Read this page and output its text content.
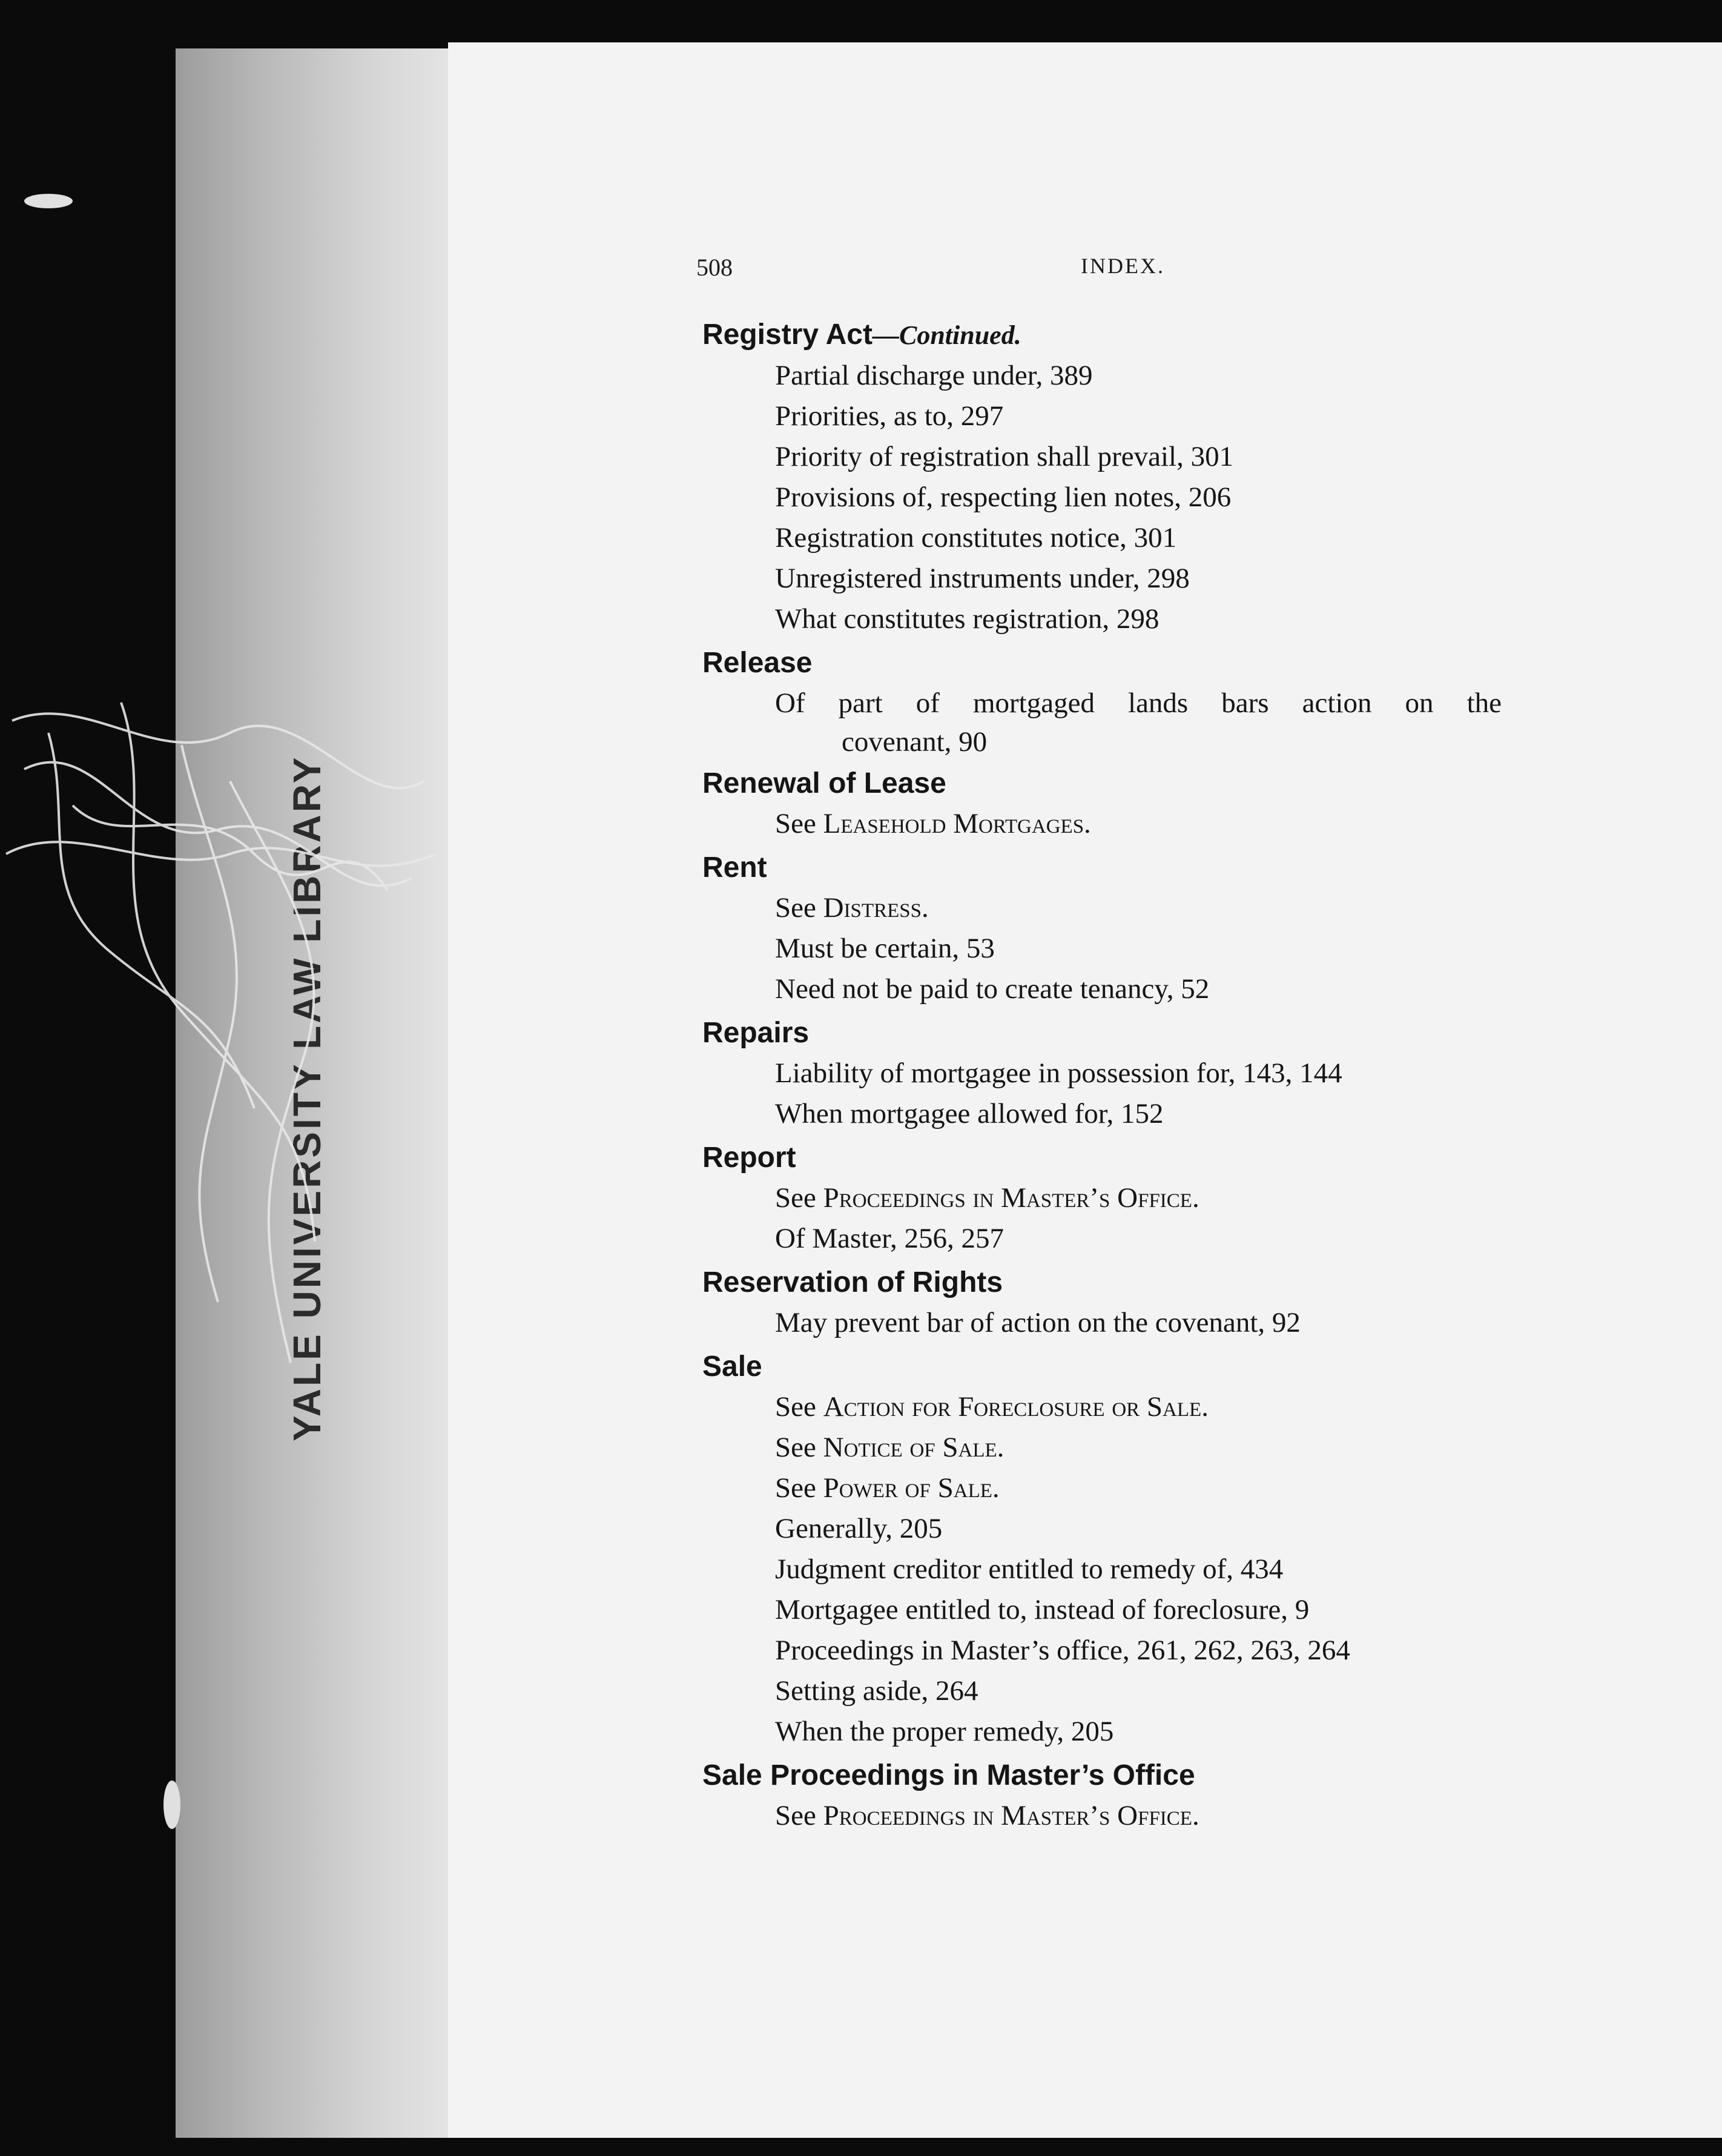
YALE UNIVERSITY LAW LIBRARY
508	INDEX.
Registry Act—Continued.
Partial discharge under, 389
Priorities, as to, 297
Priority of registration shall prevail, 301
Provisions of, respecting lien notes, 206
Registration constitutes notice, 301
Unregistered instruments under, 298
What constitutes registration, 298
Release
Of part of mortgaged lands bars action on the
covenant, 90
Renewal of Lease
See Leasehold Mortgages.
Rent
See Distress.
Must be certain, 53
Need not be paid to create tenancy, 52
Repairs
Liability of mortgagee in possession for, 143, 144
When mortgagee allowed for, 152
Report
See Proceedings in Master’s Office.
Of Master, 256, 257
Reservation of Rights
May prevent bar of action on the covenant, 92
Sale
See Action for Foreclosure or Sale.
See Notice of Sale.
See Power of Sale.
Generally, 205
Judgment creditor entitled to remedy of, 434
Mortgagee entitled to, instead of foreclosure, 9
Proceedings in Master’s office, 261, 262, 263, 264
Setting aside, 264
When the proper remedy, 205
Sale Proceedings in Master’s Office
See Proceedings in Master’s Office.
